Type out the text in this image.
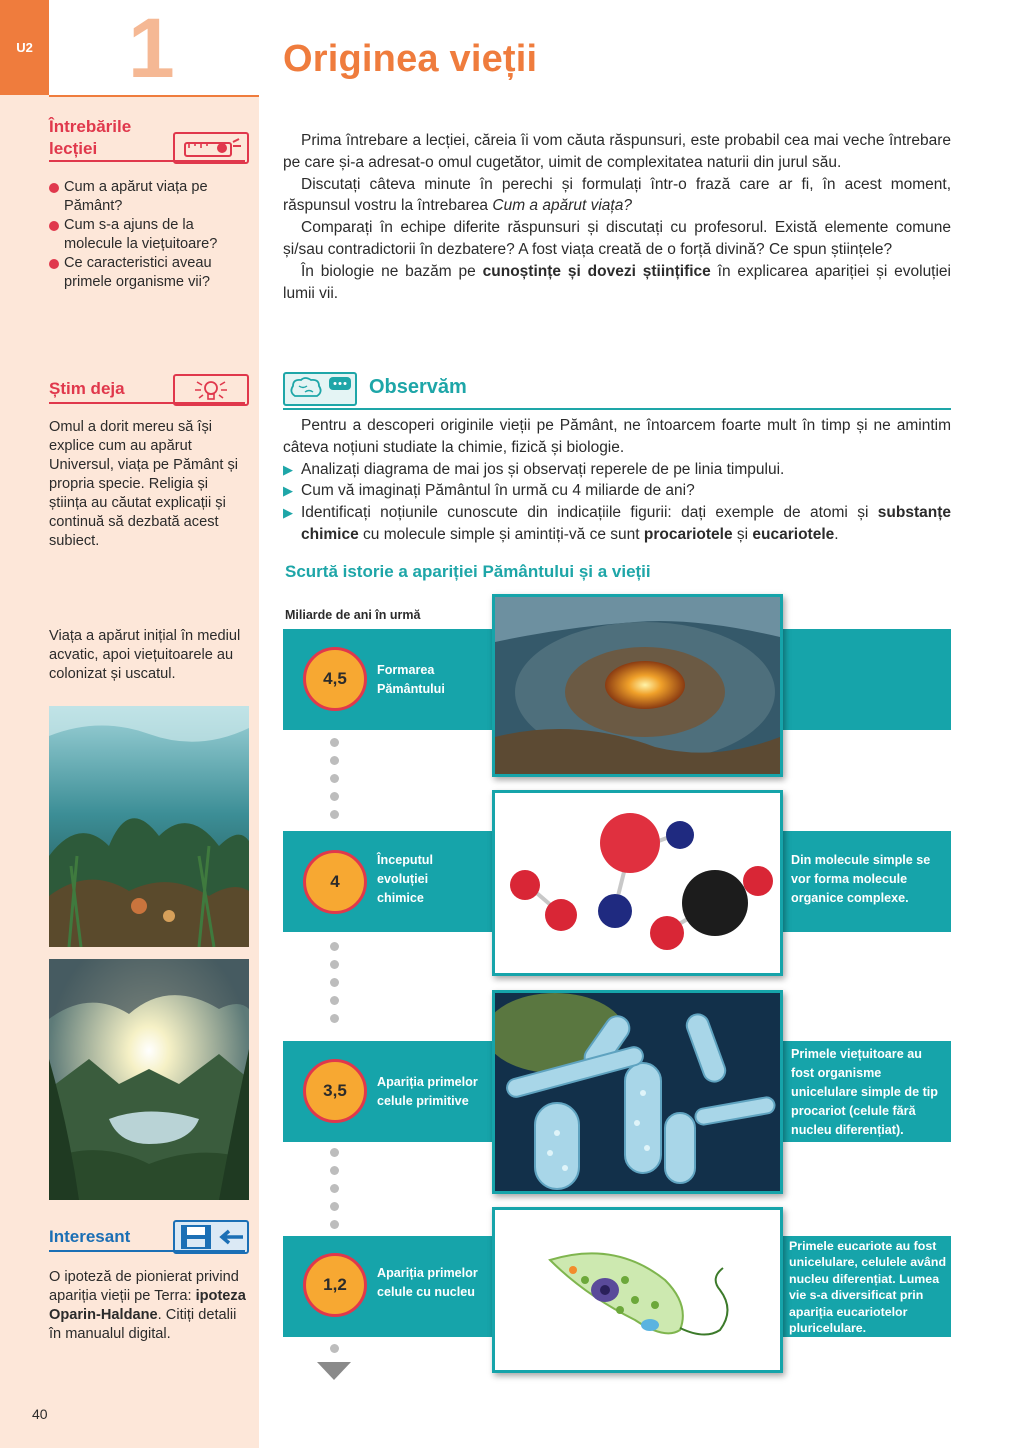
U2 1	Originea vieții
Întrebările lecției
Cum a apărut viața pe Pământ?
Cum s-a ajuns de la molecule la viețuitoare?
Ce caracteristici aveau primele organisme vii?
Știm deja
Omul a dorit mereu să își explice cum au apărut Universul, viața pe Pământ și propria specie. Religia și știința au căutat explicații și continuă să dezbată acest subiect.
Viața a apărut inițial în mediul acvatic, apoi viețuitoarele au colonizat și uscatul.
Interesant
O ipoteză de pionierat privind apariția vieții pe Terra: ipoteza Oparin-Haldane. Citiți detalii în manualul digital.
40

Prima întrebare a lecției, căreia îi vom căuta răspunsuri, este probabil cea mai veche întrebare pe care și-a adresat-o omul cugetător, uimit de complexitatea naturii din jurul său.

Discutați câteva minute în perechi și formulați într-o frază care ar fi, în acest moment, răspunsul vostru la întrebarea Cum a apărut viața?

Comparați în echipe diferite răspunsuri și discutați cu profesorul. Există elemente comune și/sau contradictorii în dezbatere? A fost viața creată de o forță divină? Ce spun științele?

În biologie ne bazăm pe cunoștințe și dovezi științifice în explicarea apariției și evoluției lumii vii.

Observăm

Pentru a descoperi originile vieții pe Pământ, ne întoarcem foarte mult în timp și ne amintim câteva noțiuni studiate la chimie, fizică și biologie.

▶ Analizați diagrama de mai jos și observați reperele de pe linia timpului.
▶ Cum vă imaginați Pământul în urmă cu 4 miliarde de ani?
▶ Identificați noțiunile cunoscute din indicațiile figurii: dați exemple de atomi și substanțe chimice cu molecule simple și amintiți-vă ce sunt procariotele și eucariotele.
Scurtă istorie a apariției Pământului și a vieții
Miliarde de ani în urmă
4,5	Formarea Pământului
4
Începutul evoluției chimice
Din molecule simple se vor forma molecule organice complexe.
3,5	Apariția primelor celule primitive
Primele viețuitoare au fost organisme unicelulare simple de tip procariot (celule fără nucleu diferențiat).
1,2
Apariția primelor celule cu nucleu
Primele eucariote au fost unicelulare, celulele având nucleu diferențiat. Lumea vie s-a diversificat prin apariția eucariotelor pluricelulare.
